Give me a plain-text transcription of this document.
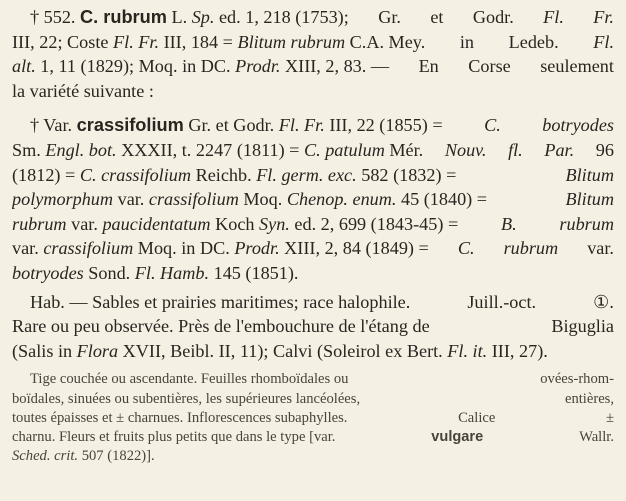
† 552. C. rubrum L. Sp. ed. 1, 218 (1753); Gr. et Godr. Fl. Fr.
III, 22; Coste Fl. Fr. III, 184 = Blitum rubrum C.A. Mey. in Ledeb. Fl.
alt. 1, 11 (1829); Moq. in DC. Prodr. XIII, 2, 83. — En Corse seulement
la variété suivante :
† Var. crassifolium Gr. et Godr. Fl. Fr. III, 22 (1855) = C. botryodes
Sm. Engl. bot. XXXII, t. 2247 (1811) = C. patulum Mér. Nouv. fl. Par. 96
(1812) = C. crassifolium Reichb. Fl. germ. exc. 582 (1832) =	Blitum
polymorphum var. crassifolium Moq. Chenop. enum. 45 (1840) =	Blitum
rubrum var. paucidentatum Koch Syn. ed. 2, 699 (1843-45) = B. rubrum
var. crassifolium Moq. in DC. Prodr. XIII, 2, 84 (1849) = C. rubrum var.
botryodes Sond. Fl. Hamb. 145 (1851).
Hab. — Sables et prairies maritimes; race halophile.	Juill.-oct.	①.
Rare ou peu observée. Près de l'embouchure de l'étang de	Biguglia
(Salis in Flora XVII, Beibl. II, 11); Calvi (Soleirol ex Bert. Fl. it. III, 27).
Tige couchée ou ascendante. Feuilles rhomboïdales ou	ovées-rhom-
boïdales, sinuées ou subentières, les supérieures lancéolées,	entières,
toutes épaisses et ± charnues. Inflorescences subaphylles.	Calice	±
charnu. Fleurs et fruits plus petits que dans le type [var.	vulgare	Wallr.
Sched. crit. 507 (1822)].
